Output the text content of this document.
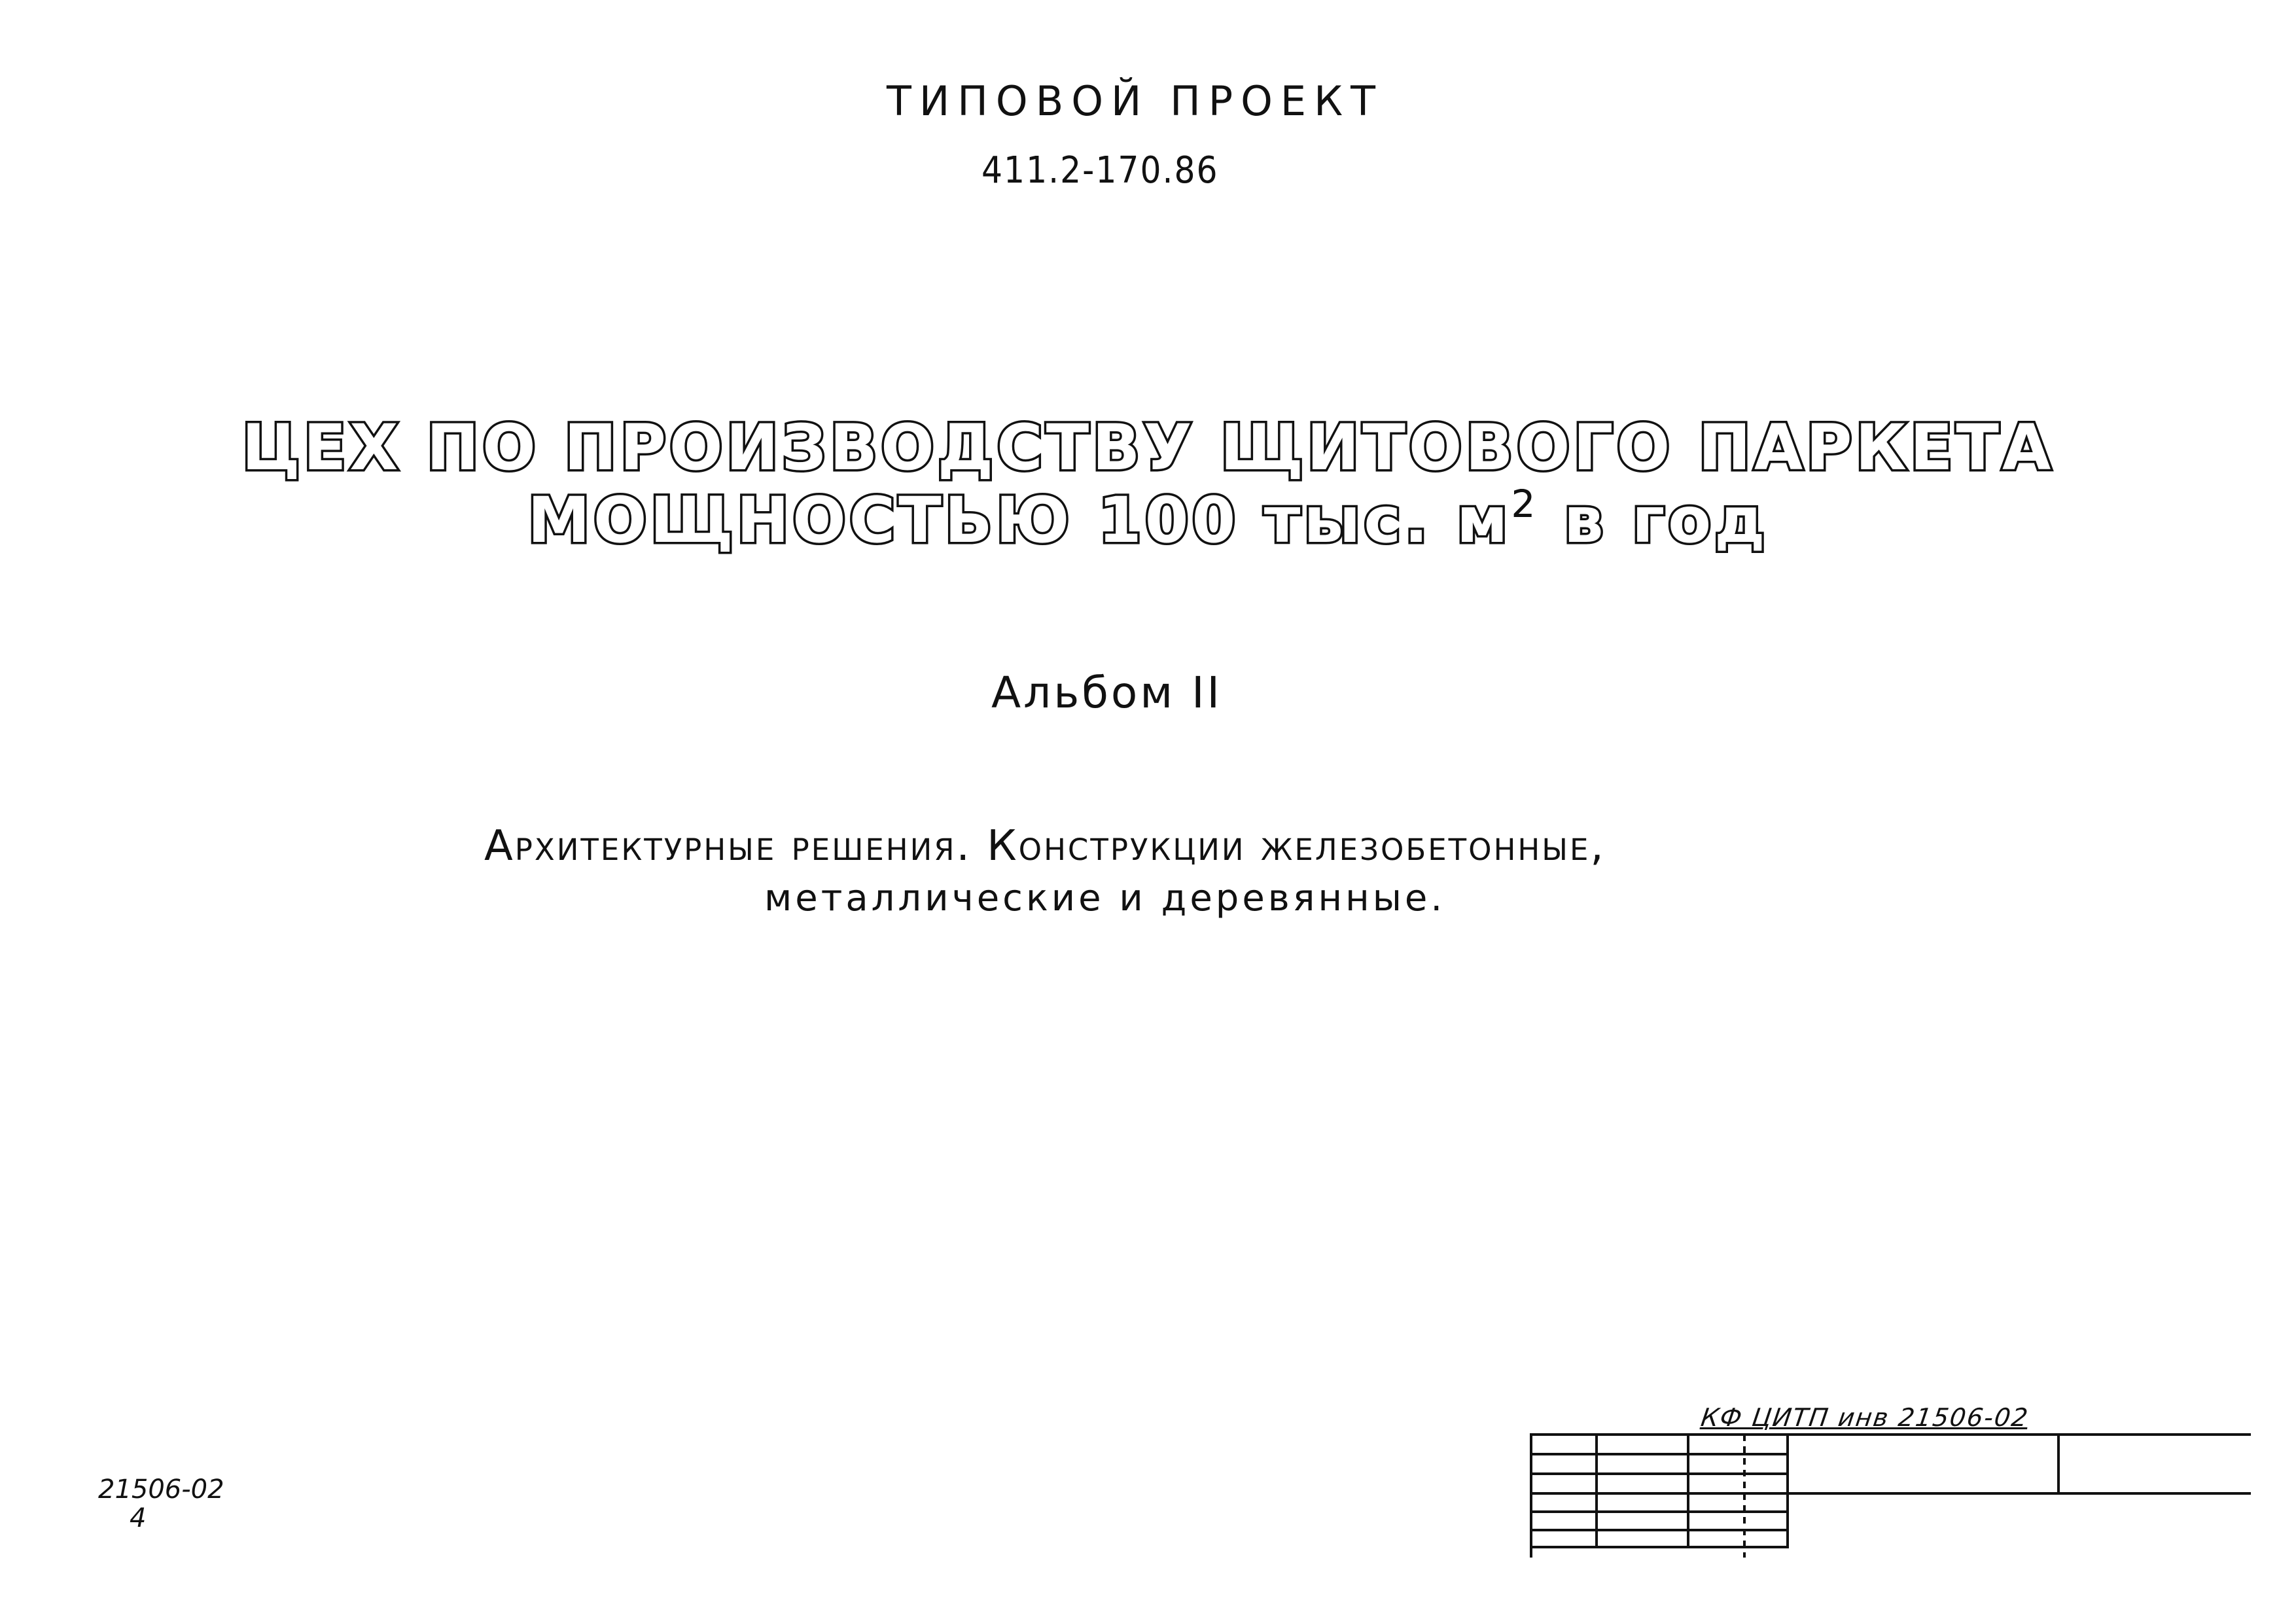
ТИПОВОЙ ПРОЕКТ
411.2-170.86
ЦЕХ ПО ПРОИЗВОДСТВУ ЩИТОВОГО ПАРКЕТА
МОЩНОСТЬЮ 100 тыс. $м^2$ в год
Альбом II
Архитектурные решения. Конструкции железобетонные,
металлические и деревянные.
21506-02
4
КФ ЦИТП инв 21506-02
